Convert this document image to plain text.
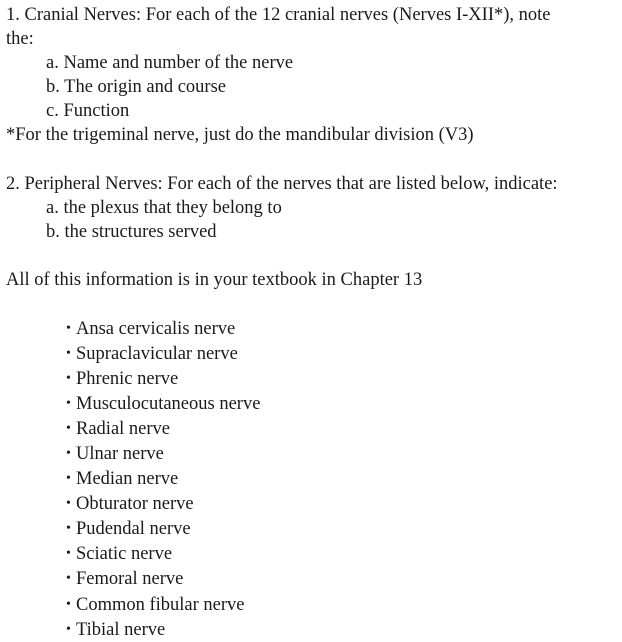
1. Cranial Nerves: For each of the 12 cranial nerves (Nerves I-XII*), note
the:
a. Name and number of the nerve
b. The origin and course
c. Function
*For the trigeminal nerve, just do the mandibular division (V3)
2. Peripheral Nerves: For each of the nerves that are listed below, indicate:
a. the plexus that they belong to
b. the structures served
All of this information is in your textbook in Chapter 13
• Ansa cervicalis nerve
• Supraclavicular nerve
• Phrenic nerve
• Musculocutaneous nerve
• Radial nerve
• Ulnar nerve
• Median nerve
• Obturator nerve
• Pudendal nerve
• Sciatic nerve
• Femoral nerve
• Common fibular nerve
• Tibial nerve
